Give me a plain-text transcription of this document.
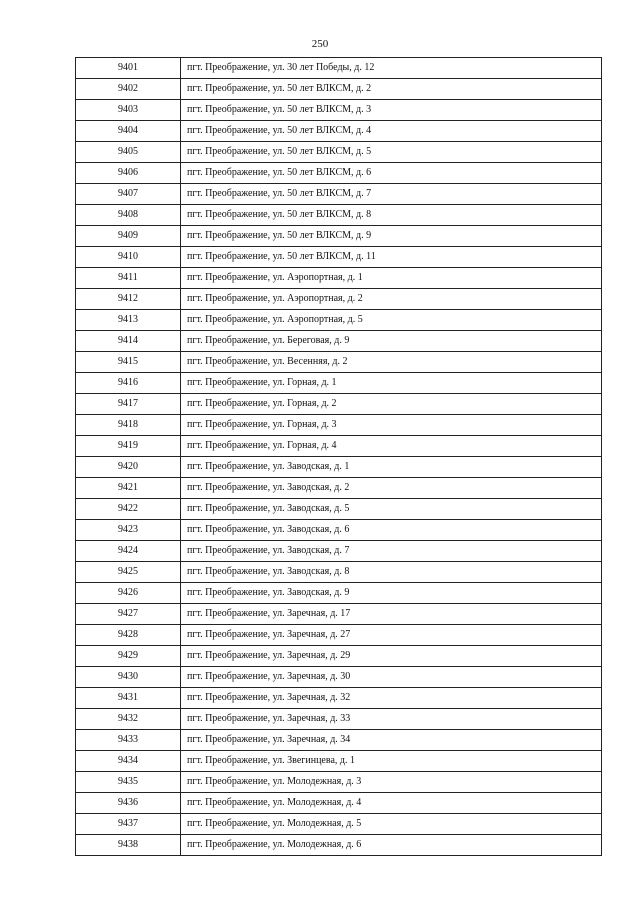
250
9401	пгт. Преображение, ул. 30 лет Победы, д. 12
9402	пгт. Преображение, ул. 50 лет ВЛКСМ, д. 2
9403	пгт. Преображение, ул. 50 лет ВЛКСМ, д. 3
9404	пгт. Преображение, ул. 50 лет ВЛКСМ, д. 4
9405	пгт. Преображение, ул. 50 лет ВЛКСМ, д. 5
9406	пгт. Преображение, ул. 50 лет ВЛКСМ, д. 6
9407	пгт. Преображение, ул. 50 лет ВЛКСМ, д. 7
9408	пгт. Преображение, ул. 50 лет ВЛКСМ, д. 8
9409	пгт. Преображение, ул. 50 лет ВЛКСМ, д. 9
9410	пгт. Преображение, ул. 50 лет ВЛКСМ, д. 11
9411	пгт. Преображение, ул. Аэропортная, д. 1
9412	пгт. Преображение, ул. Аэропортная, д. 2
9413	пгт. Преображение, ул. Аэропортная, д. 5
9414	пгт. Преображение, ул. Береговая, д. 9
9415	пгт. Преображение, ул. Весенняя, д. 2
9416	пгт. Преображение, ул. Горная, д. 1
9417	пгт. Преображение, ул. Горная, д. 2
9418	пгт. Преображение, ул. Горная, д. 3
9419	пгт. Преображение, ул. Горная, д. 4
9420	пгт. Преображение, ул. Заводская, д. 1
9421	пгт. Преображение, ул. Заводская, д. 2
9422	пгт. Преображение, ул. Заводская, д. 5
9423	пгт. Преображение, ул. Заводская, д. 6
9424	пгт. Преображение, ул. Заводская, д. 7
9425	пгт. Преображение, ул. Заводская, д. 8
9426	пгт. Преображение, ул. Заводская, д. 9
9427	пгт. Преображение, ул. Заречная, д. 17
9428	пгт. Преображение, ул. Заречная, д. 27
9429	пгт. Преображение, ул. Заречная, д. 29
9430	пгт. Преображение, ул. Заречная, д. 30
9431	пгт. Преображение, ул. Заречная, д. 32
9432	пгт. Преображение, ул. Заречная, д. 33
9433	пгт. Преображение, ул. Заречная, д. 34
9434	пгт. Преображение, ул. Звегинцева, д. 1
9435	пгт. Преображение, ул. Молодежная, д. 3
9436	пгт. Преображение, ул. Молодежная, д. 4
9437	пгт. Преображение, ул. Молодежная, д. 5
9438	пгт. Преображение, ул. Молодежная, д. 6
